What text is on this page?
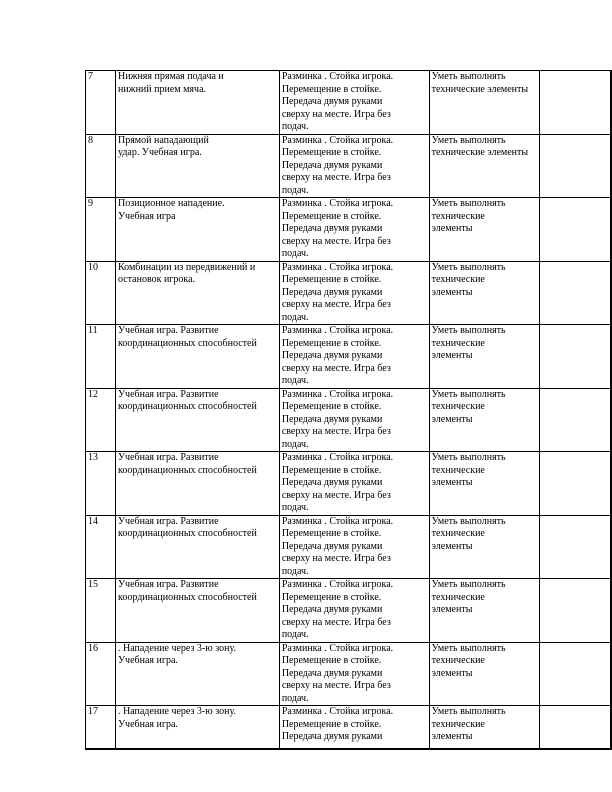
7	Нижняя прямая подача и
нижний прием мяча.	Разминка . Стойка игрока.
Перемещение в стойке.
Передача двумя руками
сверху на месте. Игра без
подач.	Уметь выполнять
технические элементы	

8	Прямой нападающий
удар. Учебная игра.	Разминка . Стойка игрока.
Перемещение в стойке.
Передача двумя руками
сверху на месте. Игра без
подач.	Уметь выполнять
технические элементы	

9	Позиционное нападение.
Учебная игра	Разминка . Стойка игрока.
Перемещение в стойке.
Передача двумя руками
сверху на месте. Игра без
подач.	Уметь выполнять
технические
элементы	

10	Комбинации из передвижений и
остановок игрока.	Разминка . Стойка игрока.
Перемещение в стойке.
Передача двумя руками
сверху на месте. Игра без
подач.	Уметь выполнять
технические
элементы	

11	Учебная игра. Развитие
координационных способностей	Разминка . Стойка игрока.
Перемещение в стойке.
Передача двумя руками
сверху на месте. Игра без
подач.	Уметь выполнять
технические
элементы	

12	Учебная игра. Развитие
координационных способностей	Разминка . Стойка игрока.
Перемещение в стойке.
Передача двумя руками
сверху на месте. Игра без
подач.	Уметь выполнять
технические
элементы	

13	Учебная игра. Развитие
координационных способностей	Разминка . Стойка игрока.
Перемещение в стойке.
Передача двумя руками
сверху на месте. Игра без
подач.	Уметь выполнять
технические
элементы	

14	Учебная игра. Развитие
координационных способностей	Разминка . Стойка игрока.
Перемещение в стойке.
Передача двумя руками
сверху на месте. Игра без
подач.	Уметь выполнять
технические
элементы	

15	Учебная игра. Развитие
координационных способностей	Разминка . Стойка игрока.
Перемещение в стойке.
Передача двумя руками
сверху на месте. Игра без
подач.	Уметь выполнять
технические
элементы	

16	. Нападение через 3-ю зону.
Учебная игра.	Разминка . Стойка игрока.
Перемещение в стойке.
Передача двумя руками
сверху на месте. Игра без
подач.	Уметь выполнять
технические
элементы	

17	. Нападение через 3-ю зону.
Учебная игра.	Разминка . Стойка игрока.
Перемещение в стойке.
Передача двумя руками	Уметь выполнять
технические
элементы	
